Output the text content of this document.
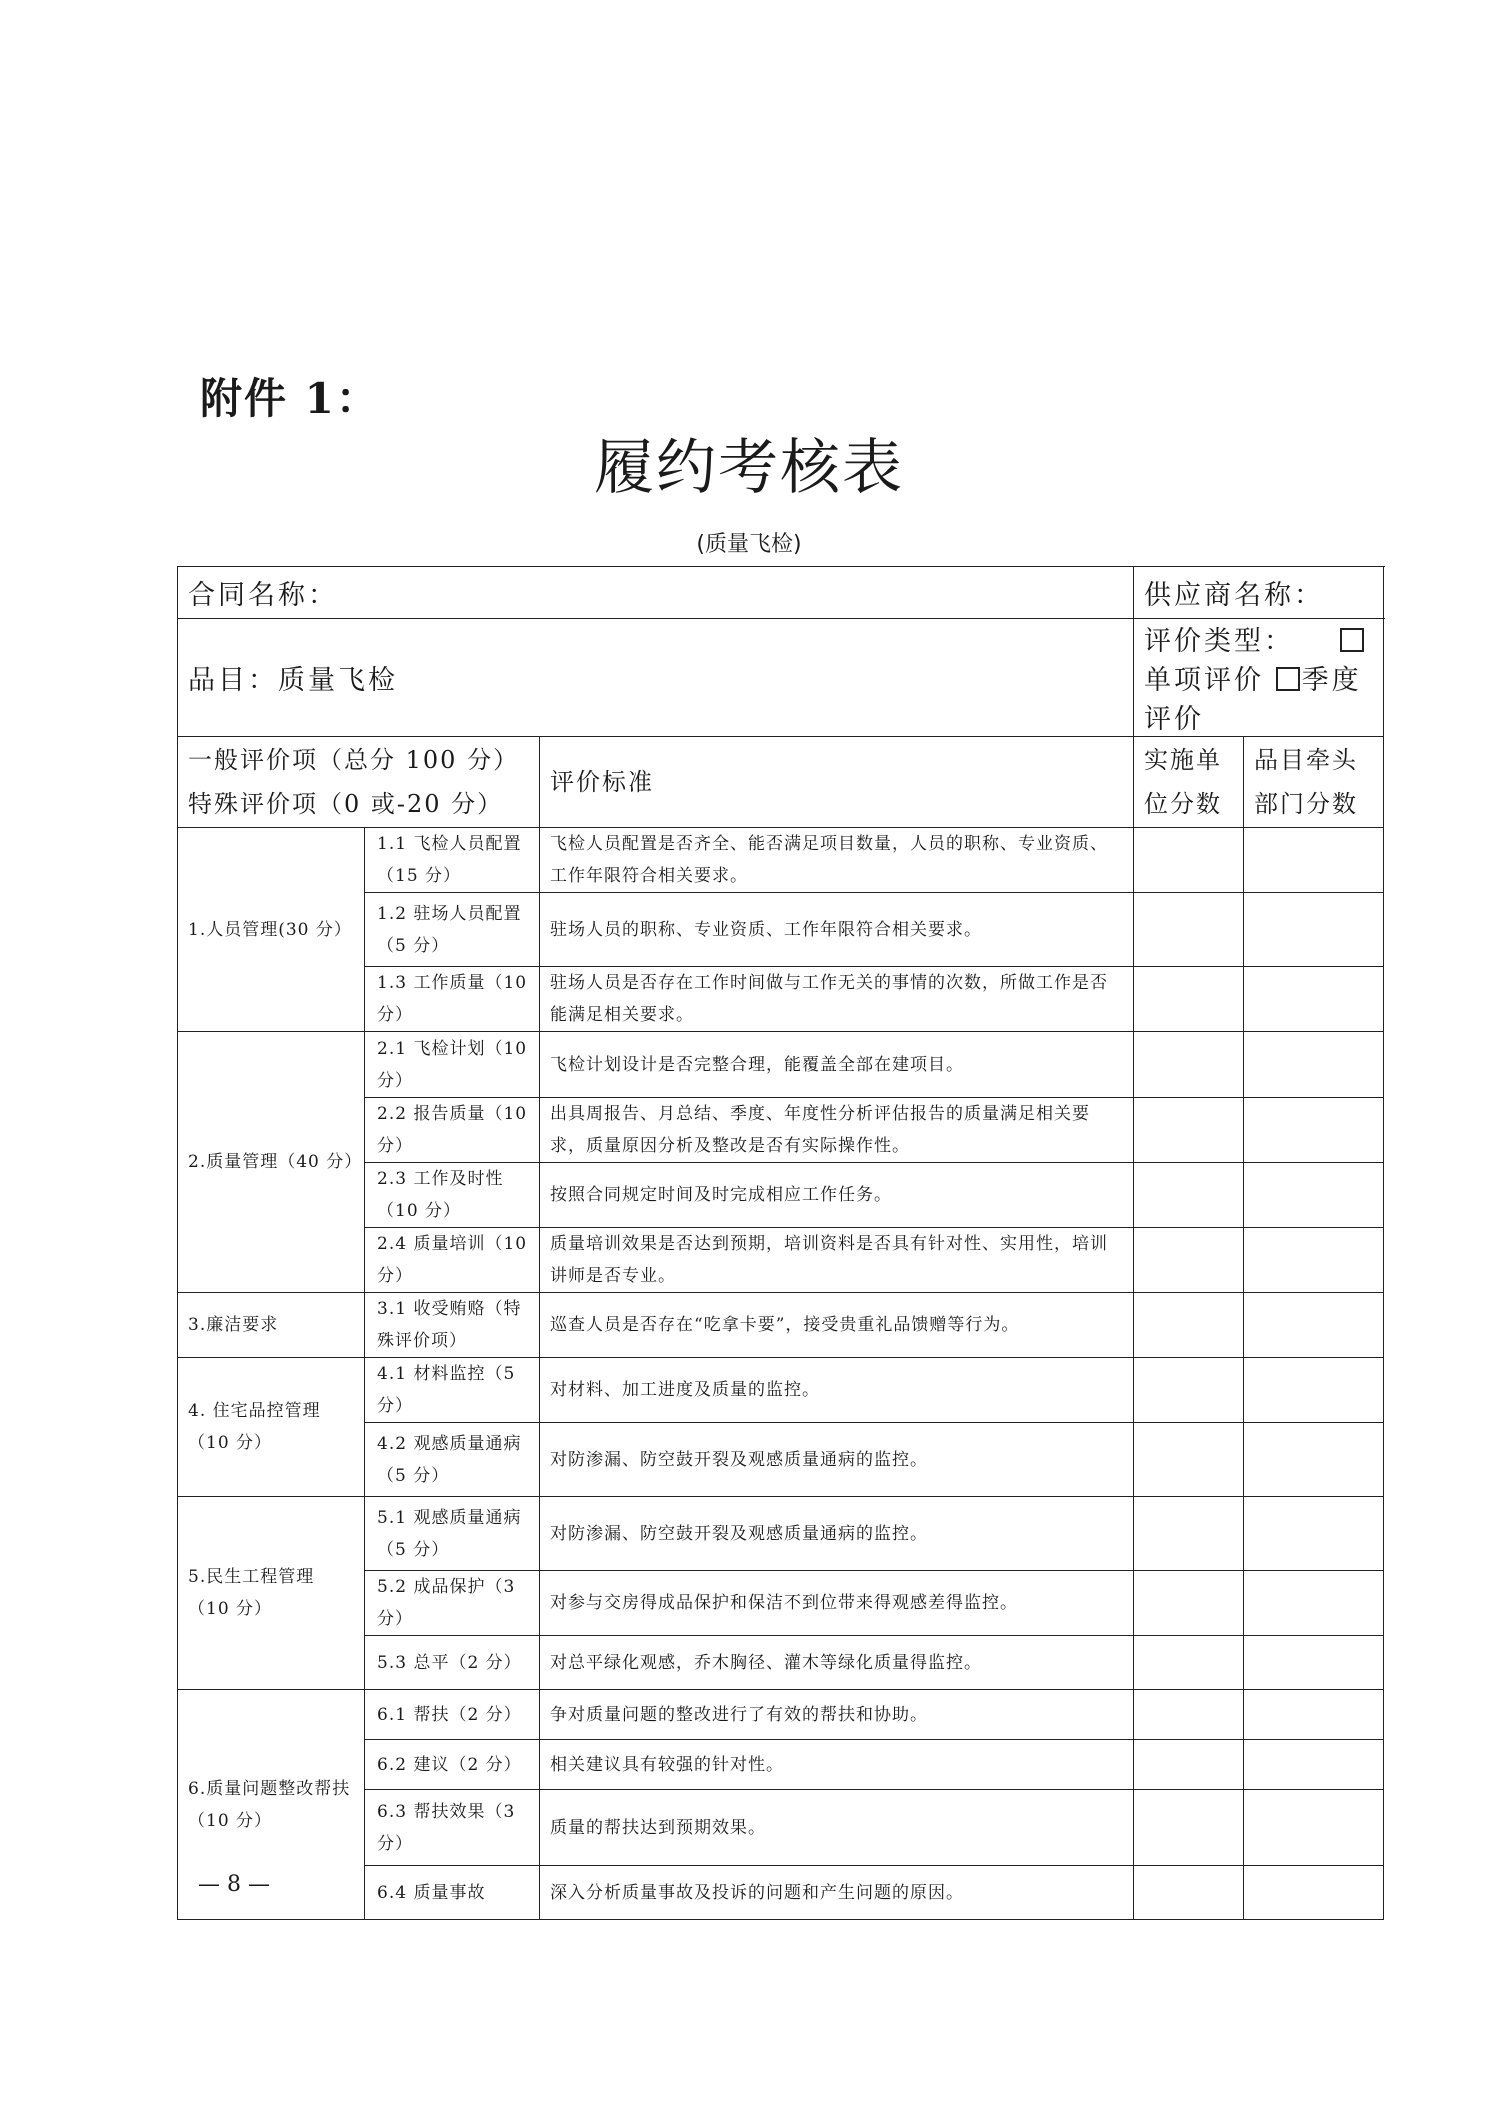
附件 1：
履约考核表
(质量飞检)
合同名称：			供应商名称：	
品目：质量飞检			评价类型：单项评价 季度评价	

一般评价项（总分 100 分）
特殊评价项（0 或-20 分）		评价标准	实施单位分数	品目牵头部门分数
1.人员管理(30 分）	1.1 飞检人员配置（15 分）	飞检人员配置是否齐全、能否满足项目数量，人员的职称、专业资质、工作年限符合相关要求。		
	1.2 驻场人员配置（5 分）	驻场人员的职称、专业资质、工作年限符合相关要求。		
	1.3 工作质量（10 分）	驻场人员是否存在工作时间做与工作无关的事情的次数，所做工作是否能满足相关要求。		
2.质量管理（40 分）	2.1 飞检计划（10 分）	飞检计划设计是否完整合理，能覆盖全部在建项目。		
	2.2 报告质量（10 分）	出具周报告、月总结、季度、年度性分析评估报告的质量满足相关要求，质量原因分析及整改是否有实际操作性。		
	2.3 工作及时性（10 分）	按照合同规定时间及时完成相应工作任务。		
	2.4 质量培训（10 分）	质量培训效果是否达到预期，培训资料是否具有针对性、实用性，培训讲师是否专业。		
3.廉洁要求	3.1 收受贿赂（特殊评价项）	巡查人员是否存在“吃拿卡要”，接受贵重礼品馈赠等行为。		
4. 住宅品控管理（10 分）	4.1 材料监控（5 分）	对材料、加工进度及质量的监控。		
	4.2 观感质量通病（5 分）	对防渗漏、防空鼓开裂及观感质量通病的监控。		
5.民生工程管理（10 分）	5.1 观感质量通病（5 分）	对防渗漏、防空鼓开裂及观感质量通病的监控。		
	5.2 成品保护（3 分）	对参与交房得成品保护和保洁不到位带来得观感差得监控。		
	5.3 总平（2 分）	对总平绿化观感，乔木胸径、灌木等绿化质量得监控。		
6.质量问题整改帮扶（10 分）	6.1 帮扶（2 分）	争对质量问题的整改进行了有效的帮扶和协助。		
	6.2 建议（2 分）	相关建议具有较强的针对性。		
	6.3 帮扶效果（3 分）	质量的帮扶达到预期效果。		
	6.4 质量事故	深入分析质量事故及投诉的问题和产生问题的原因。		
— 8 —
